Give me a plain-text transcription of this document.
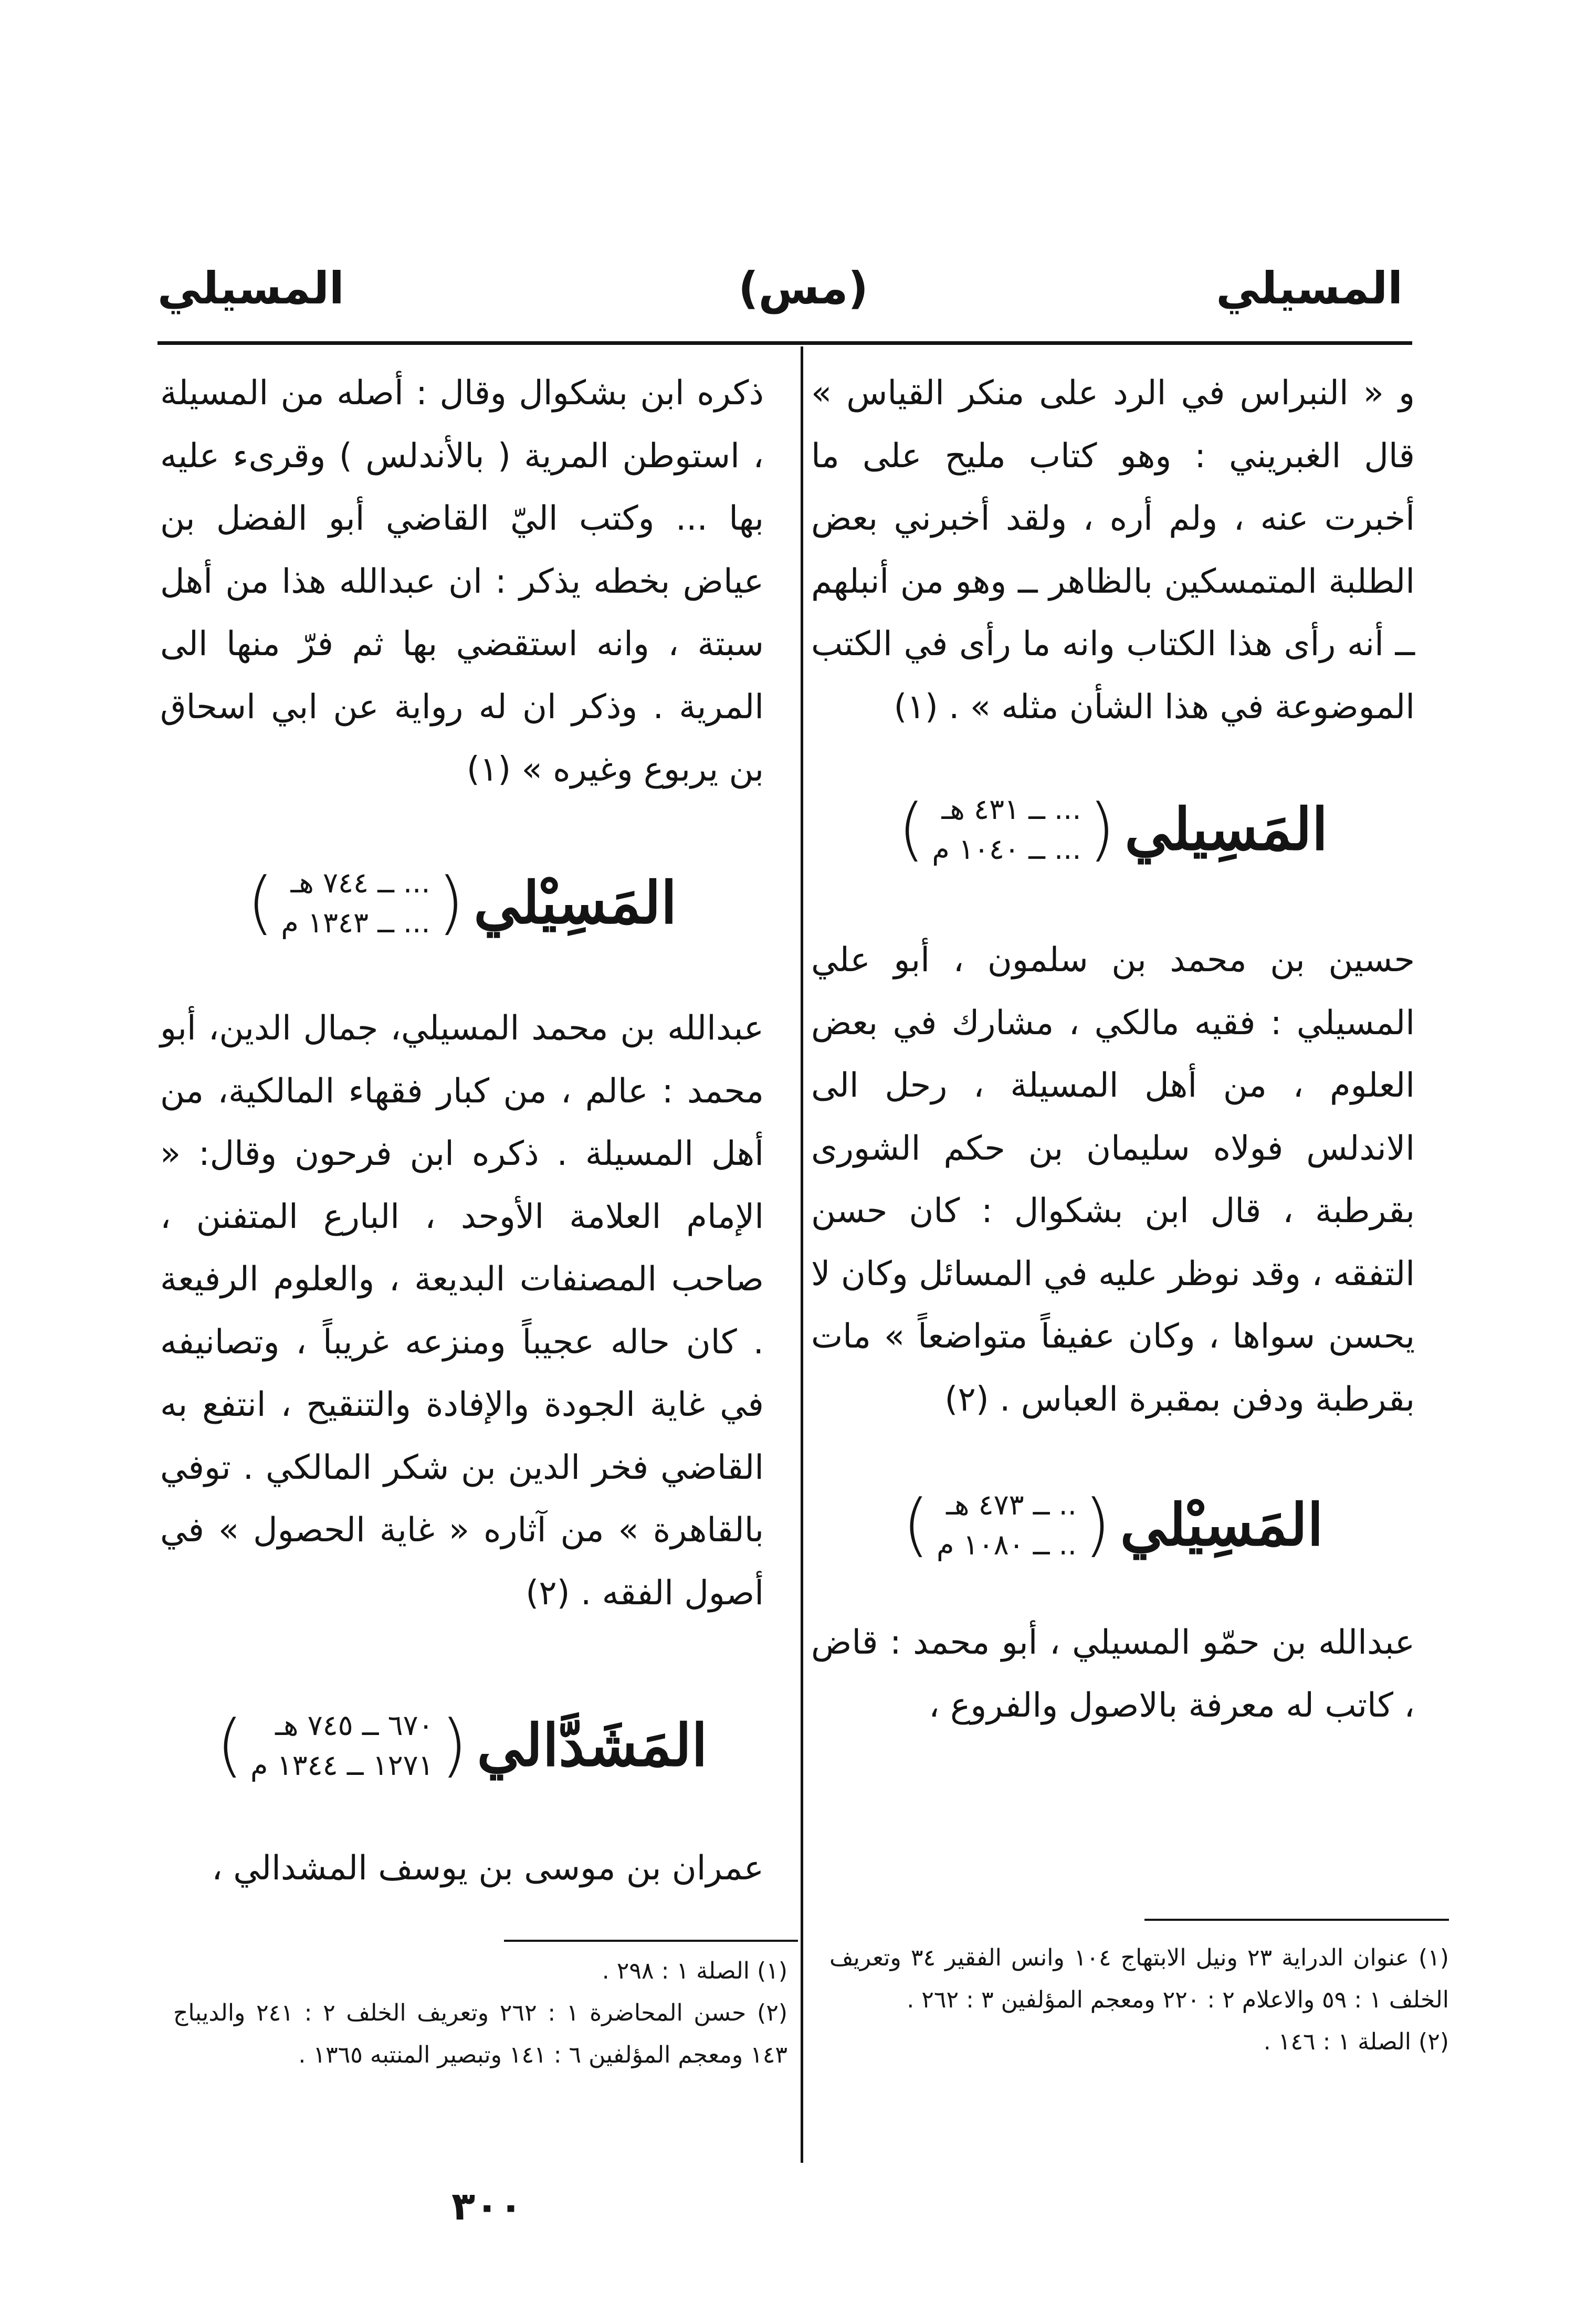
المسيلي
(مس)
المسيلي

و « النبراس في الرد على منكر القياس » قال الغبريني : وهو كتاب مليح على ما أخبرت عنه ، ولم أره ، ولقد أخبرني بعض الطلبة المتمسكين بالظاهر ــ وهو من أنبلهم ــ أنه رأى هذا الكتاب وانه ما رأى في الكتب الموضوعة في هذا الشأن مثله » . (١)

المَسِيلي
(
... ــ ٤٣١ هـ
... ــ ١٠٤٠ م
)

حسين بن محمد بن سلمون ، أبو علي المسيلي : فقيه مالكي ، مشارك في بعض العلوم ، من أهل المسيلة ، رحل الى الاندلس فولاه سليمان بن حكم الشورى بقرطبة ، قال ابن بشكوال : كان حسن التفقه ، وقد نوظر عليه في المسائل وكان لا يحسن سواها ، وكان عفيفاً متواضعاً » مات بقرطبة ودفن بمقبرة العباس . (٢)

المَسِيْلي
(
.. ــ ٤٧٣ هـ
.. ــ ١٠٨٠ م
)

عبدالله بن حمّو المسيلي ، أبو محمد : قاض ، كاتب له معرفة بالاصول والفروع ،

ذكره ابن بشكوال وقال : أصله من المسيلة ، استوطن المرية ( بالأندلس ) وقرىء عليه بها ... وكتب اليّ القاضي أبو الفضل بن عياض بخطه يذكر : ان عبدالله هذا من أهل سبتة ، وانه استقضي بها ثم فرّ منها الى المرية . وذكر ان له رواية عن ابي اسحاق بن يربوع وغيره » (١)

المَسِيْلي
(
... ــ ٧٤٤ هـ
... ــ ١٣٤٣ م
)

عبدالله بن محمد المسيلي، جمال الدين، أبو محمد : عالم ، من كبار فقهاء المالكية، من أهل المسيلة . ذكره ابن فرحون وقال: « الإمام العلامة الأوحد ، البارع المتفنن ، صاحب المصنفات البديعة ، والعلوم الرفيعة . كان حاله عجيباً ومنزعه غريباً ، وتصانيفه في غاية الجودة والإفادة والتنقيح ، انتفع به القاضي فخر الدين بن شكر المالكي . توفي بالقاهرة » من آثاره « غاية الحصول » في أصول الفقه . (٢)

المَشَدَّالي
(
٦٧٠ ــ ٧٤٥ هـ
١٢٧١ ــ ١٣٤٤ م
)

عمران بن موسى بن يوسف المشدالي ،

(١) عنوان الدراية ٢٣ ونيل الابتهاج ١٠٤ وانس الفقير ٣٤ وتعريف الخلف ١ : ٥٩ والاعلام ٢ : ٢٢٠ ومعجم المؤلفين ٣ : ٢٦٢ .

(٢) الصلة ١ : ١٤٦ .

(١) الصلة ١ : ٢٩٨ .

(٢) حسن المحاضرة ١ : ٢٦٢ وتعريف الخلف ٢ : ٢٤١ والديباج ١٤٣ ومعجم المؤلفين ٦ : ١٤١ وتبصير المنتبه ١٣٦٥ .

٣٠٠
